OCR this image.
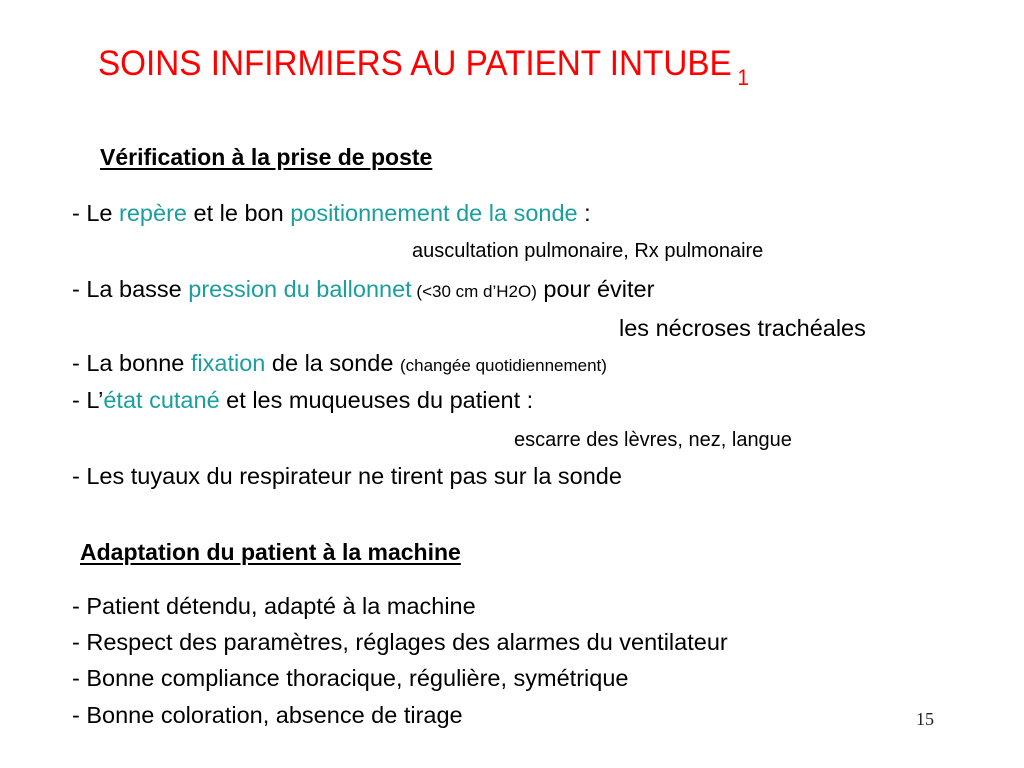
SOINS INFIRMIERS AU PATIENT INTUBE $_1$
Vérification à la prise de poste
- Le repère et le bon positionnement de la sonde :
auscultation pulmonaire, Rx pulmonaire
- La basse pression du ballonnet (<30 cm d’H2O) pour éviter
les nécroses trachéales
- La bonne fixation de la sonde (changée quotidiennement)
- L’état cutané et les muqueuses du patient :
escarre des lèvres, nez, langue
- Les tuyaux du respirateur ne tirent pas sur la sonde
Adaptation du patient à la machine
- Patient détendu, adapté à la machine
- Respect des paramètres, réglages des alarmes du ventilateur
- Bonne compliance thoracique, régulière, symétrique
- Bonne coloration, absence de tirage	15
